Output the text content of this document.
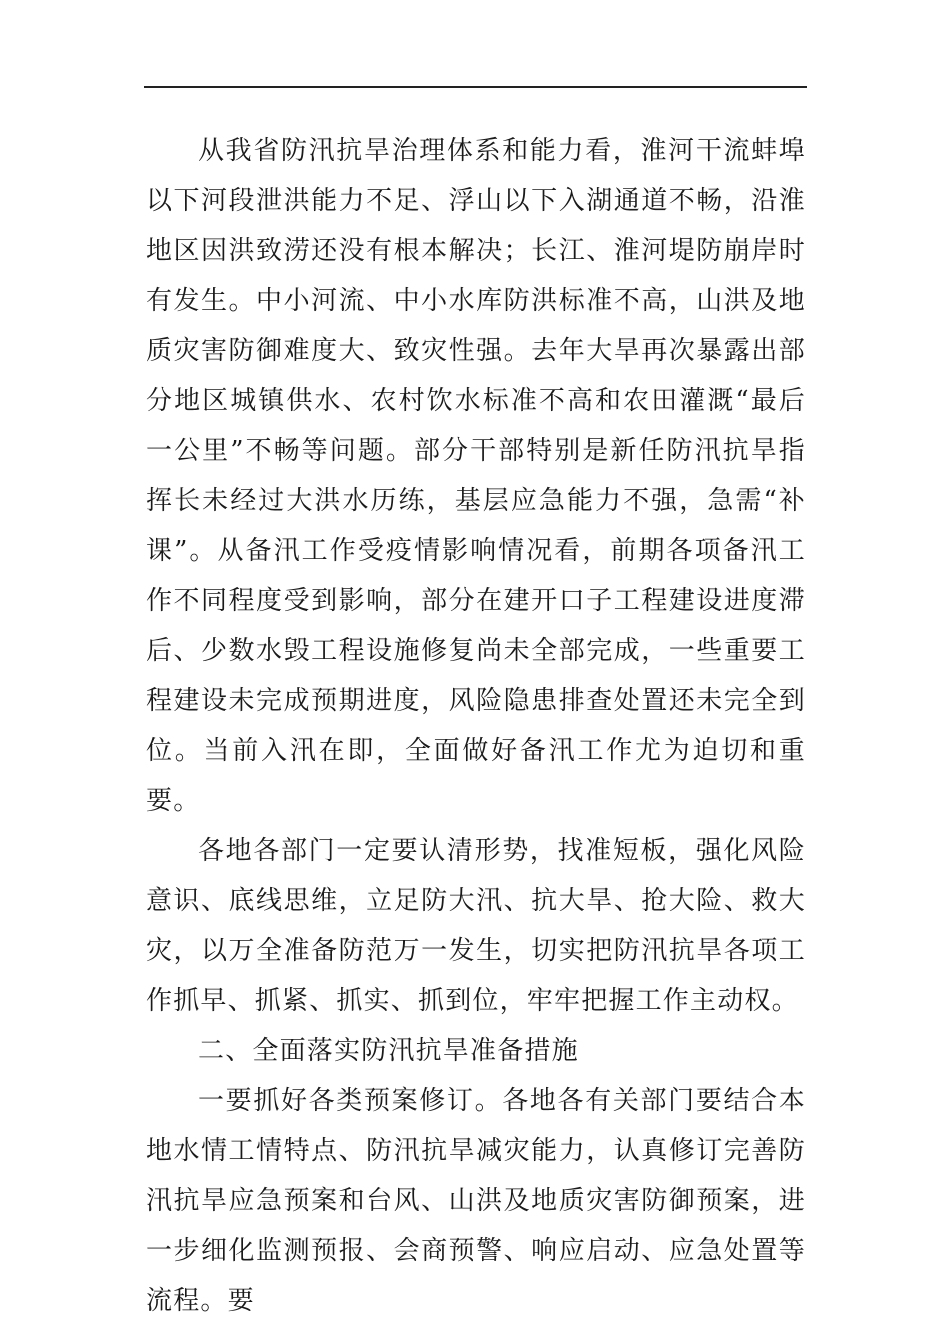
从我省防汛抗旱治理体系和能力看，淮河干流蚌埠以下河段泄洪能力不足、浮山以下入湖通道不畅，沿淮地区因洪致涝还没有根本解决；长江、淮河堤防崩岸时有发生。中小河流、中小水库防洪标准不高，山洪及地质灾害防御难度大、致灾性强。去年大旱再次暴露出部分地区城镇供水、农村饮水标准不高和农田灌溉“最后一公里”不畅等问题。部分干部特别是新任防汛抗旱指挥长未经过大洪水历练，基层应急能力不强，急需“补课”。从备汛工作受疫情影响情况看，前期各项备汛工作不同程度受到影响，部分在建开口子工程建设进度滞后、少数水毁工程设施修复尚未全部完成，一些重要工程建设未完成预期进度，风险隐患排查处置还未完全到位。当前入汛在即，全面做好备汛工作尤为迫切和重要。

各地各部门一定要认清形势，找准短板，强化风险意识、底线思维，立足防大汛、抗大旱、抢大险、救大灾，以万全准备防范万一发生，切实把防汛抗旱各项工作抓早、抓紧、抓实、抓到位，牢牢把握工作主动权。

二、全面落实防汛抗旱准备措施

一要抓好各类预案修订。各地各有关部门要结合本地水情工情特点、防汛抗旱减灾能力，认真修订完善防汛抗旱应急预案和台风、山洪及地质灾害防御预案，进一步细化监测预报、会商预警、响应启动、应急处置等流程。要
